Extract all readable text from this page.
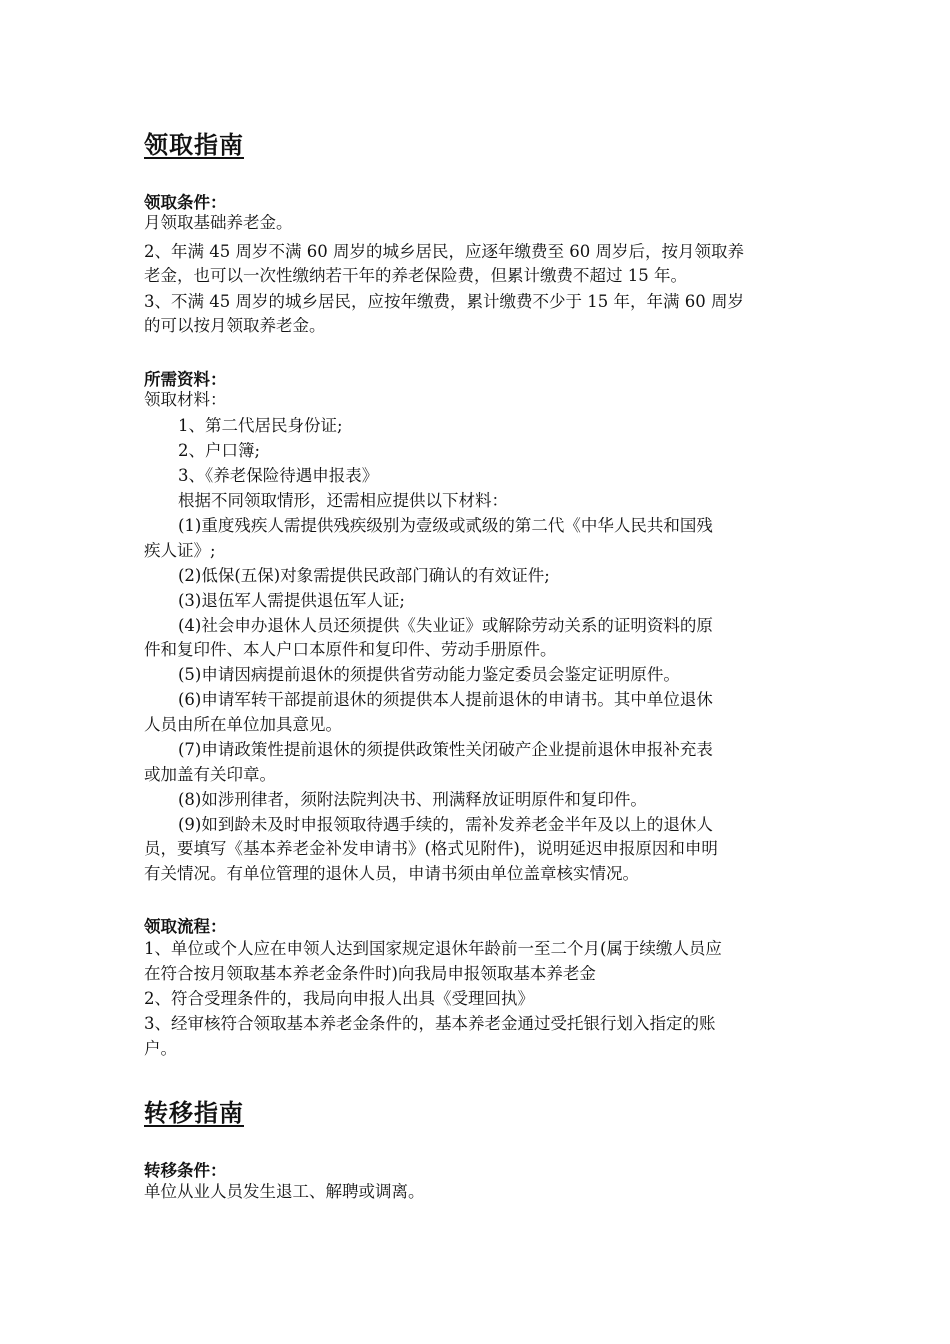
领取指南
领取条件：
月领取基础养老金。
2、年满 45 周岁不满 60 周岁的城乡居民，应逐年缴费至 60 周岁后，按月领取养
老金，也可以一次性缴纳若干年的养老保险费，但累计缴费不超过 15 年。
3、不满 45 周岁的城乡居民，应按年缴费，累计缴费不少于 15 年，年满 60 周岁
的可以按月领取养老金。
所需资料：
领取材料：
1、第二代居民身份证;
2、户口簿;
3、《养老保险待遇申报表》
根据不同领取情形，还需相应提供以下材料：
(1)重度残疾人需提供残疾级别为壹级或贰级的第二代《中华人民共和国残
疾人证》;
(2)低保(五保)对象需提供民政部门确认的有效证件;
(3)退伍军人需提供退伍军人证;
(4)社会申办退休人员还须提供《失业证》或解除劳动关系的证明资料的原
件和复印件、本人户口本原件和复印件、劳动手册原件。
(5)申请因病提前退休的须提供省劳动能力鉴定委员会鉴定证明原件。
(6)申请军转干部提前退休的须提供本人提前退休的申请书。其中单位退休
人员由所在单位加具意见。
(7)申请政策性提前退休的须提供政策性关闭破产企业提前退休申报补充表
或加盖有关印章。
(8)如涉刑律者，须附法院判决书、刑满释放证明原件和复印件。
(9)如到龄未及时申报领取待遇手续的，需补发养老金半年及以上的退休人
员，要填写《基本养老金补发申请书》(格式见附件)，说明延迟申报原因和申明
有关情况。有单位管理的退休人员，申请书须由单位盖章核实情况。
领取流程：
1、单位或个人应在申领人达到国家规定退休年龄前一至二个月(属于续缴人员应
在符合按月领取基本养老金条件时)向我局申报领取基本养老金
2、符合受理条件的，我局向申报人出具《受理回执》
3、经审核符合领取基本养老金条件的，基本养老金通过受托银行划入指定的账
户。
转移指南
转移条件：
单位从业人员发生退工、解聘或调离。
